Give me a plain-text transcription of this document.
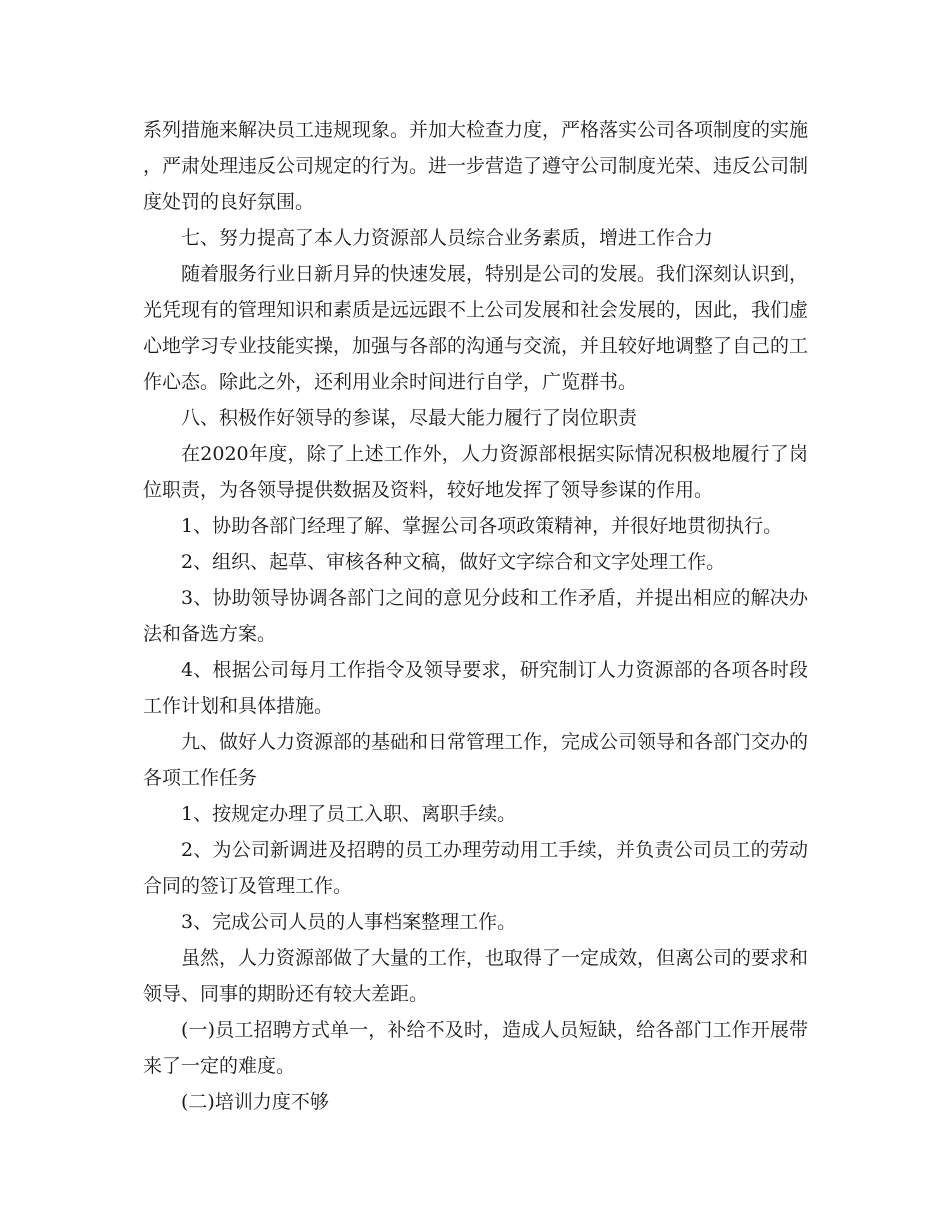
系列措施来解决员工违规现象。并加大检查力度，严格落实公司各项制度的实施，严肃处理违反公司规定的行为。进一步营造了遵守公司制度光荣、违反公司制度处罚的良好氛围。

七、努力提高了本人力资源部人员综合业务素质，增进工作合力

随着服务行业日新月异的快速发展，特别是公司的发展。我们深刻认识到，光凭现有的管理知识和素质是远远跟不上公司发展和社会发展的，因此，我们虚心地学习专业技能实操，加强与各部的沟通与交流，并且较好地调整了自己的工作心态。除此之外，还利用业余时间进行自学，广览群书。

八、积极作好领导的参谋，尽最大能力履行了岗位职责

在2020年度，除了上述工作外，人力资源部根据实际情况积极地履行了岗位职责，为各领导提供数据及资料，较好地发挥了领导参谋的作用。

1、协助各部门经理了解、掌握公司各项政策精神，并很好地贯彻执行。

2、组织、起草、审核各种文稿，做好文字综合和文字处理工作。

3、协助领导协调各部门之间的意见分歧和工作矛盾，并提出相应的解决办法和备选方案。

4、根据公司每月工作指令及领导要求，研究制订人力资源部的各项各时段工作计划和具体措施。

九、做好人力资源部的基础和日常管理工作，完成公司领导和各部门交办的各项工作任务

1、按规定办理了员工入职、离职手续。

2、为公司新调进及招聘的员工办理劳动用工手续，并负责公司员工的劳动合同的签订及管理工作。

3、完成公司人员的人事档案整理工作。

虽然，人力资源部做了大量的工作，也取得了一定成效，但离公司的要求和领导、同事的期盼还有较大差距。

(一)员工招聘方式单一，补给不及时，造成人员短缺，给各部门工作开展带来了一定的难度。

(二)培训力度不够
